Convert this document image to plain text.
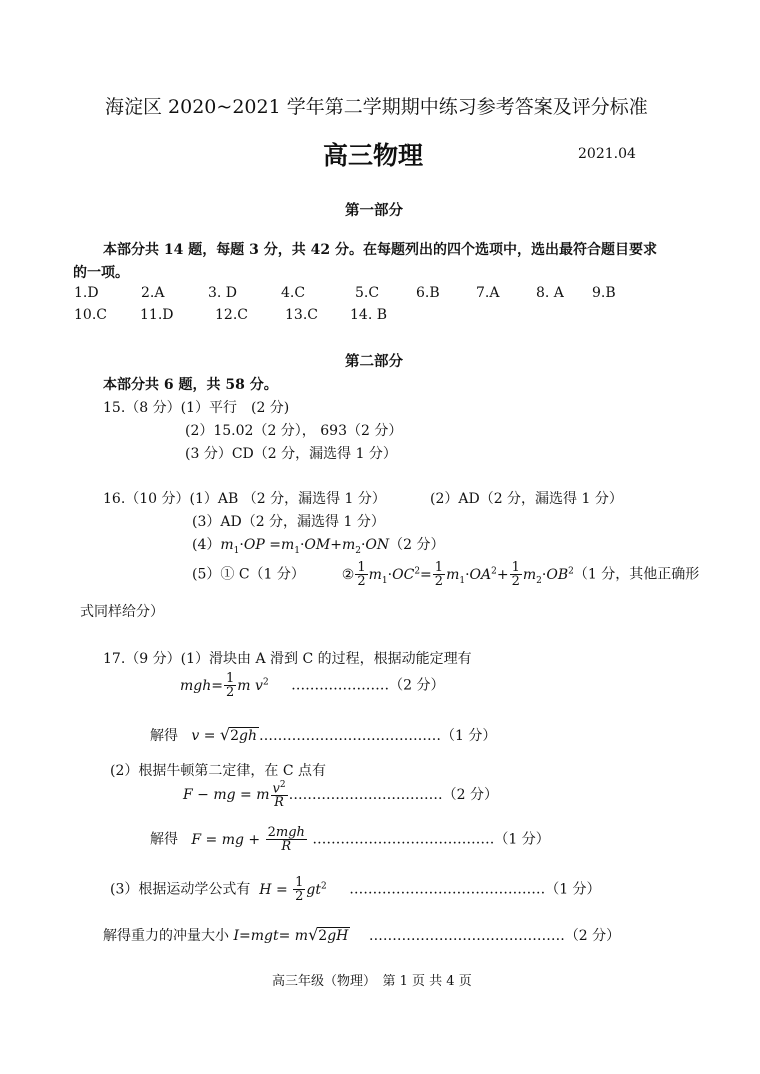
海淀区 2020~2021 学年第二学期期中练习参考答案及评分标准
高三物理	2021.04
第一部分
本部分共 14 题，每题 3 分，共 42 分。在每题列出的四个选项中，选出最符合题目要求
的一项。
1.D	2.A	3. D	4.C	5.C	6.B	7.A	8. A 9.B
10.C 11.D	12.C	13.C 14. B
第二部分
本部分共 6 题，共 58 分。
15.（8 分）(1）平行　(2 分)
(2）15.02（2 分）， 693（2 分）
(3 分）CD（2 分，漏选得 1 分）
16.（10 分）(1）AB （2 分，漏选得 1 分）	(2）AD（2 分，漏选得 1 分）
(3）AD（2 分，漏选得 1 分）
$(4)m_1\cdot OP =m_1\cdot OM+m_2\cdot ON(2$ 分）
(5）① C（1 分）	② $\frac{1}{2} m_1\cdot OC^2= \frac{1}{2} m_1\cdot OA^2+ \frac{1}{2} m_2\cdot OB^2(1$ 分，其他正确形
式同样给分）
17.（9 分）(1）滑块由 A 滑到 C 的过程，根据动能定理有
$mgh= \frac{1}{2}$ m $v^2$ …………………（2 分）
解得 v = √2gh …………………………………（1 分）
(2）根据牛顿第二定律，在 C 点有
F − mg = m $\frac{v^2}{R}$ ……………………………（2 分）
解得 F = mg + $\frac{\text{2mgh}}{R}$ …………………………………（1 分）
(3）根据运动学公式有 $H = \frac{1}{2} gt^2$ ……………………………………（1 分）
解得重力的冲量大小 I=mgt= m√2gH ……………………………………（2 分）
高三年级（物理）　第 1 页 共 4 页
